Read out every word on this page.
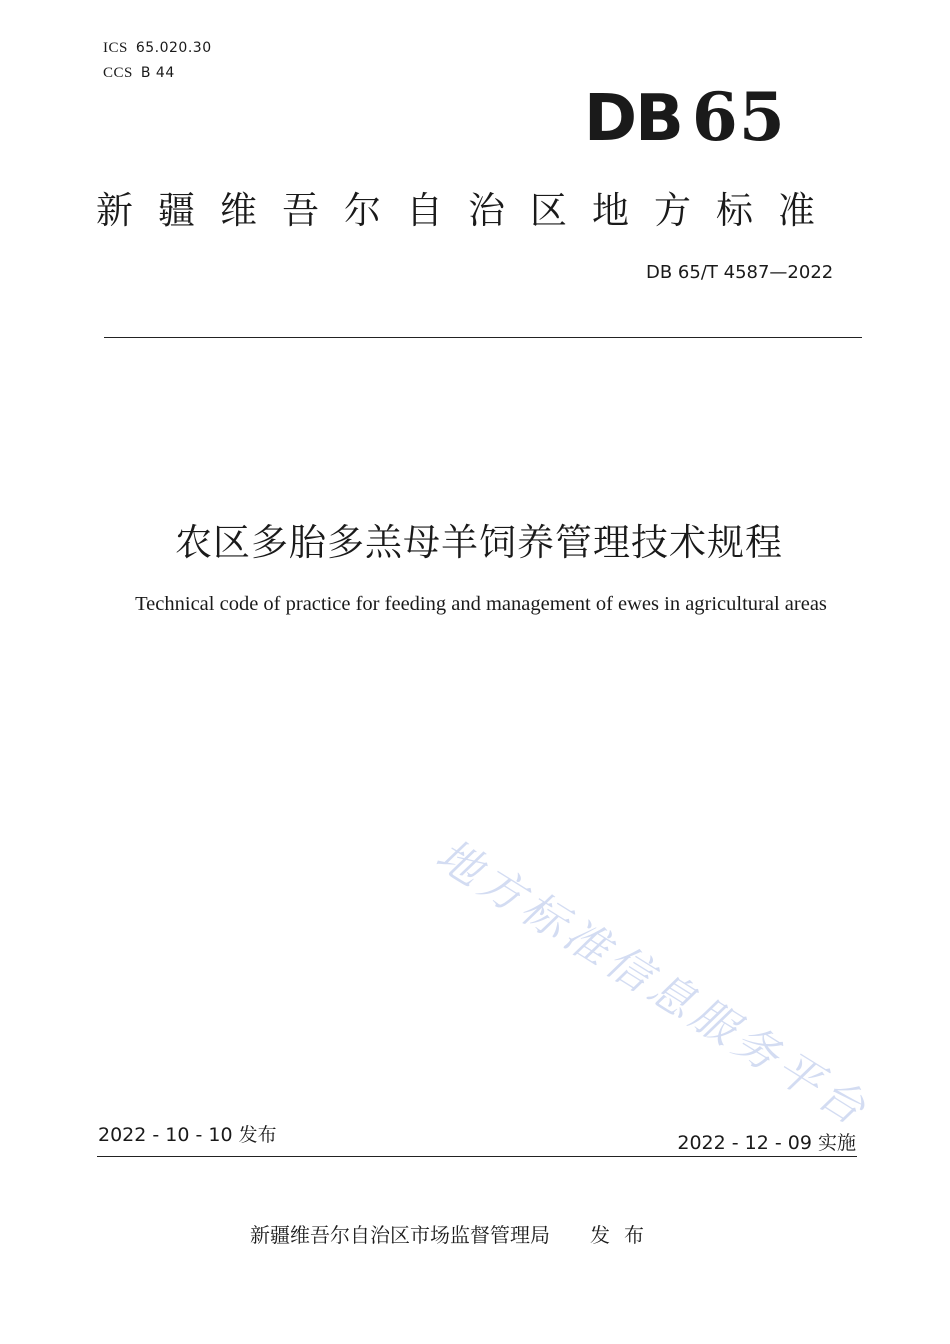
ICS 65.020.30
CCS B 44
DB 65
新疆维吾尔自治区地方标准
DB 65/T 4587—2022
农区多胎多羔母羊饲养管理技术规程
Technical code of practice for feeding and management of ewes in agricultural areas
地方标准信息服务平台
2022 - 10 - 10 发布	2022 - 12 - 09 实施
新疆维吾尔自治区市场监督管理局 发布
